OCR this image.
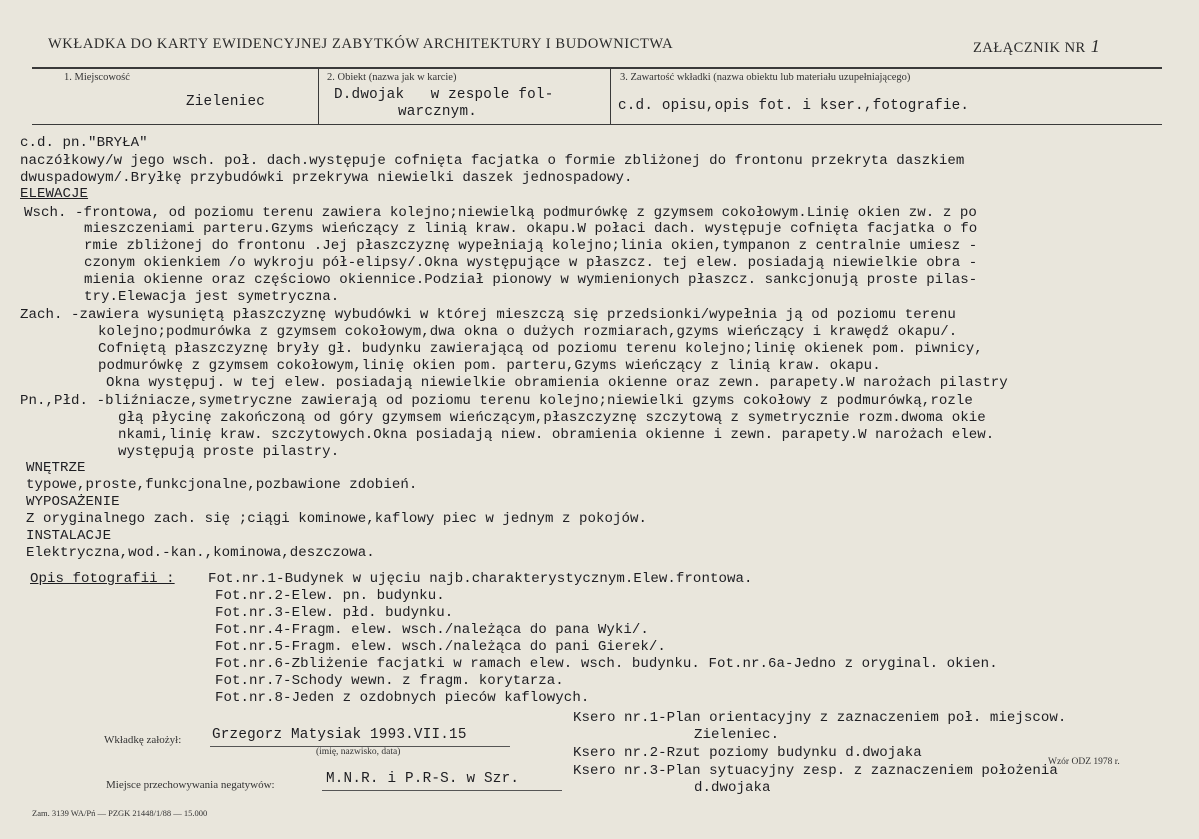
WKŁADKA DO KARTY EWIDENCYJNEJ ZABYTKÓW ARCHITEKTURY I BUDOWNICTWA	ZAŁĄCZNIK NR 1
1. Miejscowość
Zieleniec
2. Obiekt (nazwa jak w karcie)
D.dwojak   w zespole fol-
warcznym.
3. Zawartość wkładki (nazwa obiektu lub materiału uzupełniającego)
c.d. opisu,opis fot. i kser.,fotografie.
c.d. pn."BRYŁA"
naczółkowy/w jego wsch. poł. dach.występuje cofnięta facjatka o formie zbliżonej do frontonu przekryta daszkiem
dwuspadowym/.Bryłkę przybudówki przekrywa niewielki daszek jednospadowy.
ELEWACJE
Wsch. -frontowa, od poziomu terenu zawiera kolejno;niewielką podmurówkę z gzymsem cokołowym.Linię okien zw. z po
mieszczeniami parteru.Gzyms wieńczący z linią kraw. okapu.W połaci dach. występuje cofnięta facjatka o fo
rmie zbliżonej do frontonu .Jej płaszczyznę wypełniają kolejno;linia okien,tympanon z centralnie umiesz -
czonym okienkiem /o wykroju pół-elipsy/.Okna występujące w płaszcz. tej elew. posiadają niewielkie obra -
mienia okienne oraz częściowo okiennice.Podział pionowy w wymienionych płaszcz. sankcjonują proste pilas-
try.Elewacja jest symetryczna.
Zach. -zawiera wysuniętą płaszczyznę wybudówki w której mieszczą się przedsionki/wypełnia ją od poziomu terenu
kolejno;podmurówka z gzymsem cokołowym,dwa okna o dużych rozmiarach,gzyms wieńczący i krawędź okapu/.
Cofniętą płaszczyznę bryły gł. budynku zawierającą od poziomu terenu kolejno;linię okienek pom. piwnicy,
podmurówkę z gzymsem cokołowym,linię okien pom. parteru,Gzyms wieńczący z linią kraw. okapu.
Okna występuj. w tej elew. posiadają niewielkie obramienia okienne oraz zewn. parapety.W narożach pilastry
Pn.,Płd. -bliźniacze,symetryczne zawierają od poziomu terenu kolejno;niewielki gzyms cokołowy z podmurówką,rozle
głą płycinę zakończoną od góry gzymsem wieńczącym,płaszczyznę szczytową z symetrycznie rozm.dwoma okie
nkami,linię kraw. szczytowych.Okna posiadają niew. obramienia okienne i zewn. parapety.W narożach elew.
występują proste pilastry.
WNĘTRZE
typowe,proste,funkcjonalne,pozbawione zdobień.
WYPOSAŻENIE
Z oryginalnego zach. się ;ciągi kominowe,kaflowy piec w jednym z pokojów.
INSTALACJE
Elektryczna,wod.-kan.,kominowa,deszczowa.
Opis fotografii : Fot.nr.1-Budynek w ujęciu najb.charakterystycznym.Elew.frontowa.
Fot.nr.2-Elew. pn. budynku.
Fot.nr.3-Elew. płd. budynku.
Fot.nr.4-Fragm. elew. wsch./należąca do pana Wyki/.
Fot.nr.5-Fragm. elew. wsch./należąca do pani Gierek/.
Fot.nr.6-Zbliżenie facjatki w ramach elew. wsch. budynku. Fot.nr.6a-Jedno z oryginal. okien.
Fot.nr.7-Schody wewn. z fragm. korytarza.
Fot.nr.8-Jeden z ozdobnych pieców kaflowych.
Ksero nr.1-Plan orientacyjny z zaznaczeniem poł. miejscow.
Zieleniec.
Ksero nr.2-Rzut poziomy budynku d.dwojaka
Ksero nr.3-Plan sytuacyjny zesp. z zaznaczeniem położenia
d.dwojaka
Wkładkę założył: Grzegorz Matysiak 1993.VII.15
(imię, nazwisko, data)
Miejsce przechowywania negatywów:	M.N.R. i P.R-S. w Szr.
Wzór ODZ 1978 r.
Zam. 3139 WA/Pń — PZGK 21448/1/88 — 15.000
